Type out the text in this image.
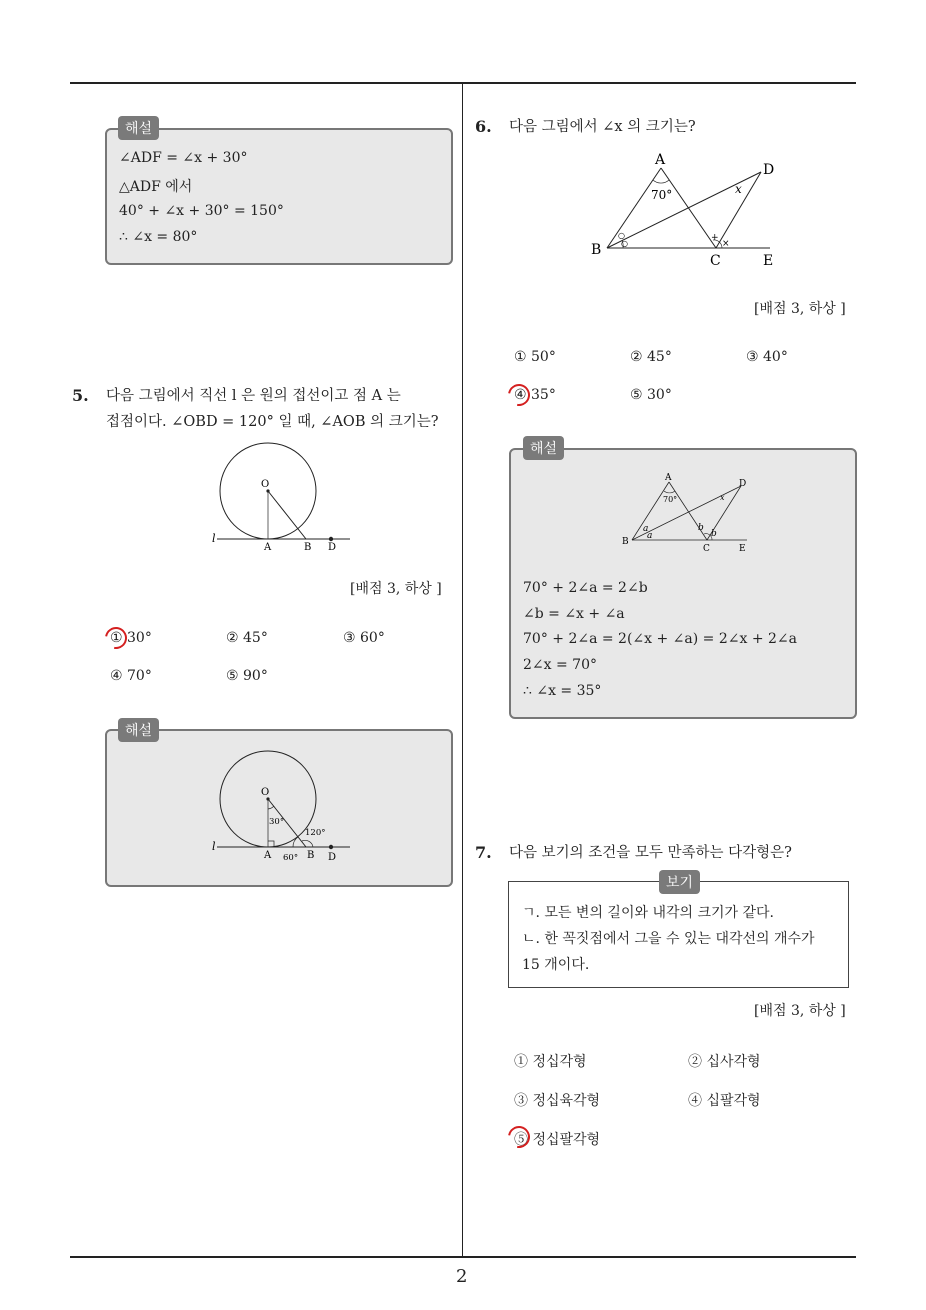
2
∠ADF = ∠x + 30°
△ADF 에서
40° + ∠x + 30° = 150°
∴ ∠x = 80°
해설
5. 다음 그림에서 직선 l 은 원의 접선이고 점 A 는
접점이다. ∠OBD = 120° 일 때, ∠AOB 의 크기는?
O
A	B D
l
[배점 3, 하상 ]
① 30°	② 45°	③ 60°
④ 70°	⑤ 90°
O
30°
120°
60°
A	B D
l
해설
6. 다음 그림에서 ∠x 의 크기는?
○
○
+
×
A
70°
D
x
B
C	E
[배점 3, 하상 ]
① 50°	② 45°	③ 40°
④ 35°	⑤ 30°
A
70°
D
x
a
a
b
b
B
C	E
70° + 2∠a = 2∠b
∠b = ∠x + ∠a
70° + 2∠a = 2(∠x + ∠a) = 2∠x + 2∠a
2∠x = 70°
∴ ∠x = 35°
해설
7. 다음 보기의 조건을 모두 만족하는 다각형은?
ㄱ. 모든 변의 길이와 내각의 크기가 같다.
ㄴ. 한 꼭짓점에서 그을 수 있는 대각선의 개수가
15 개이다.
보기
[배점 3, 하상 ]
① 정십각형	② 십사각형
③ 정십육각형	④ 십팔각형
⑤ 정십팔각형
